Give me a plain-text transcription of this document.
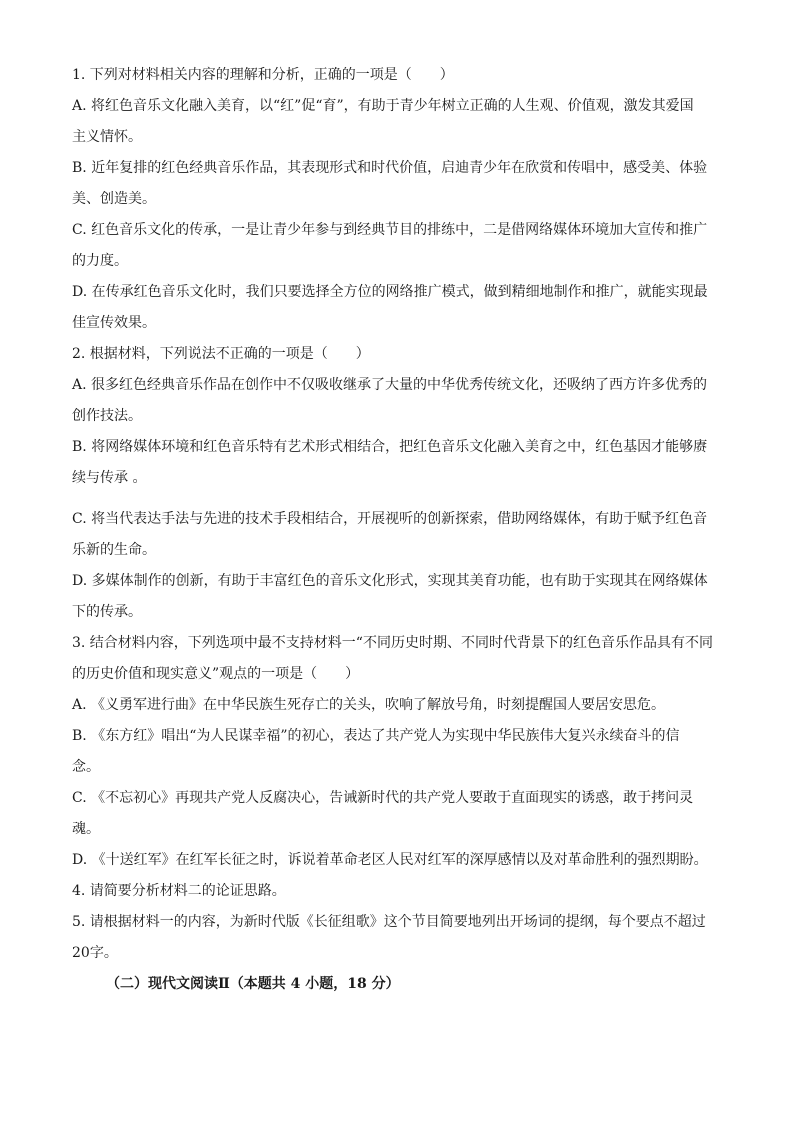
1. 下列对材料相关内容的理解和分析，正确的一项是（　　）
A. 将红色音乐文化融入美育，以“红”促“育”，有助于青少年树立正确的人生观、价值观，激发其爱国
主义情怀。
B. 近年复排的红色经典音乐作品，其表现形式和时代价值，启迪青少年在欣赏和传唱中，感受美、体验
美、创造美。
C. 红色音乐文化的传承，一是让青少年参与到经典节目的排练中，二是借网络媒体环境加大宣传和推广
的力度。
D. 在传承红色音乐文化时，我们只要选择全方位的网络推广模式，做到精细地制作和推广，就能实现最
佳宣传效果。
2. 根据材料，下列说法不正确的一项是（　　）
A. 很多红色经典音乐作品在创作中不仅吸收继承了大量的中华优秀传统文化，还吸纳了西方许多优秀的
创作技法。
B. 将网络媒体环境和红色音乐特有艺术形式相结合，把红色音乐文化融入美育之中，红色基因才能够赓
续与传承 。
C. 将当代表达手法与先进的技术手段相结合，开展视听的创新探索，借助网络媒体，有助于赋予红色音
乐新的生命。
D. 多媒体制作的创新，有助于丰富红色的音乐文化形式，实现其美育功能，也有助于实现其在网络媒体
下的传承。
3. 结合材料内容，下列选项中最不支持材料一“不同历史时期、不同时代背景下的红色音乐作品具有不同
的历史价值和现实意义”观点的一项是（　　）
A. 《义勇军进行曲》在中华民族生死存亡的关头，吹响了解放号角，时刻提醒国人要居安思危。
B. 《东方红》唱出“为人民谋幸福”的初心，表达了共产党人为实现中华民族伟大复兴永续奋斗的信
念。
C. 《不忘初心》再现共产党人反腐决心，告诫新时代的共产党人要敢于直面现实的诱惑，敢于拷问灵
魂。
D. 《十送红军》在红军长征之时，诉说着革命老区人民对红军的深厚感情以及对革命胜利的强烈期盼。
4. 请简要分析材料二的论证思路。
5. 请根据材料一的内容，为新时代版《长征组歌》这个节目简要地列出开场词的提纲，每个要点不超过
20字。
（二）现代文阅读Ⅱ（本题共 4 小题，18 分）
